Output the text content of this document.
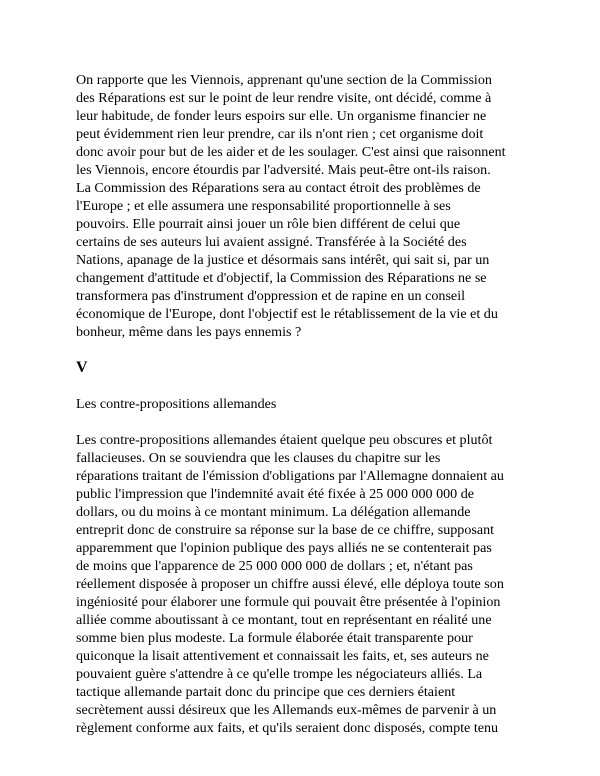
On rapporte que les Viennois, apprenant qu'une section de la Commission
des Réparations est sur le point de leur rendre visite, ont décidé, comme à
leur habitude, de fonder leurs espoirs sur elle. Un organisme financier ne
peut évidemment rien leur prendre, car ils n'ont rien ; cet organisme doit
donc avoir pour but de les aider et de les soulager. C'est ainsi que raisonnent
les Viennois, encore étourdis par l'adversité. Mais peut-être ont-ils raison.
La Commission des Réparations sera au contact étroit des problèmes de
l'Europe ; et elle assumera une responsabilité proportionnelle à ses
pouvoirs. Elle pourrait ainsi jouer un rôle bien différent de celui que
certains de ses auteurs lui avaient assigné. Transférée à la Société des
Nations, apanage de la justice et désormais sans intérêt, qui sait si, par un
changement d'attitude et d'objectif, la Commission des Réparations ne se
transformera pas d'instrument d'oppression et de rapine en un conseil
économique de l'Europe, dont l'objectif est le rétablissement de la vie et du
bonheur, même dans les pays ennemis ?
V
Les contre-propositions allemandes
Les contre-propositions allemandes étaient quelque peu obscures et plutôt
fallacieuses. On se souviendra que les clauses du chapitre sur les
réparations traitant de l'émission d'obligations par l'Allemagne donnaient au
public l'impression que l'indemnité avait été fixée à 25 000 000 000 de
dollars, ou du moins à ce montant minimum. La délégation allemande
entreprit donc de construire sa réponse sur la base de ce chiffre, supposant
apparemment que l'opinion publique des pays alliés ne se contenterait pas
de moins que l'apparence de 25 000 000 000 de dollars ; et, n'étant pas
réellement disposée à proposer un chiffre aussi élevé, elle déploya toute son
ingéniosité pour élaborer une formule qui pouvait être présentée à l'opinion
alliée comme aboutissant à ce montant, tout en représentant en réalité une
somme bien plus modeste. La formule élaborée était transparente pour
quiconque la lisait attentivement et connaissait les faits, et, ses auteurs ne
pouvaient guère s'attendre à ce qu'elle trompe les négociateurs alliés. La
tactique allemande partait donc du principe que ces derniers étaient
secrètement aussi désireux que les Allemands eux-mêmes de parvenir à un
règlement conforme aux faits, et qu'ils seraient donc disposés, compte tenu
